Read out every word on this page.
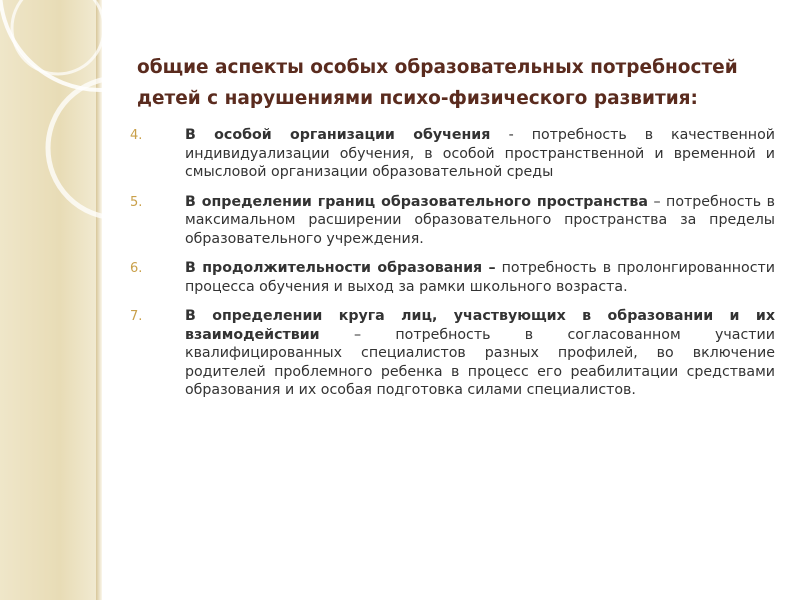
общие аспекты особых образовательных потребностей
детей с нарушениями психо-физического развития:
4.	В особой организации обучения - потребность в качественной индивидуализации обучения, в особой пространственной и временной и смысловой организации образовательной среды
5.	В определении границ образовательного пространства – потребность в максимальном расширении образовательного пространства за пределы образовательного учреждения.
6.	В продолжительности образования – потребность в пролонгированности процесса обучения и выход за рамки школьного возраста.
7.	В определении круга лиц, участвующих в образовании и их взаимодействии – потребность в согласованном участии квалифицированных специалистов разных профилей, во включение родителей проблемного ребенка в процесс его реабилитации средствами образования и их особая подготовка силами специалистов.
